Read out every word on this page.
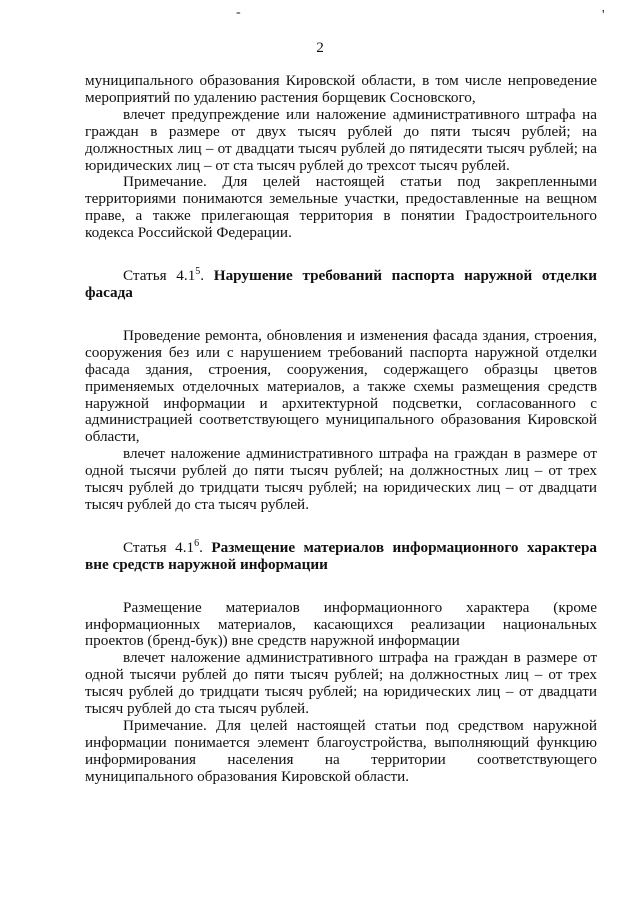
-	'
2

муниципального образования Кировской области, в том числе непроведение мероприятий по удалению растения борщевик Сосновского,

влечет предупреждение или наложение административного штрафа на граждан в размере от двух тысяч рублей до пяти тысяч рублей; на должностных лиц – от двадцати тысяч рублей до пятидесяти тысяч рублей; на юридических лиц – от ста тысяч рублей до трехсот тысяч рублей.

Примечание. Для целей настоящей статьи под закрепленными территориями понимаются земельные участки, предоставленные на вещном праве, а также прилегающая территория в понятии Градостроительного кодекса Российской Федерации.

Статья $4.1^5$. Нарушение требований паспорта наружной отделки фасада

Проведение ремонта, обновления и изменения фасада здания, строения, сооружения без или с нарушением требований паспорта наружной отделки фасада здания, строения, сооружения, содержащего образцы цветов применяемых отделочных материалов, а также схемы размещения средств наружной информации и архитектурной подсветки, согласованного с администрацией соответствующего муниципального образования Кировской области,

влечет наложение административного штрафа на граждан в размере от одной тысячи рублей до пяти тысяч рублей; на должностных лиц – от трех тысяч рублей до тридцати тысяч рублей; на юридических лиц – от двадцати тысяч рублей до ста тысяч рублей.

Статья $4.1^6$. Размещение материалов информационного характера вне средств наружной информации

Размещение материалов информационного характера (кроме информационных материалов, касающихся реализации национальных проектов (бренд-бук)) вне средств наружной информации

влечет наложение административного штрафа на граждан в размере от одной тысячи рублей до пяти тысяч рублей; на должностных лиц – от трех тысяч рублей до тридцати тысяч рублей; на юридических лиц – от двадцати тысяч рублей до ста тысяч рублей.

Примечание. Для целей настоящей статьи под средством наружной информации понимается элемент благоустройства, выполняющий функцию информирования населения на территории соответствующего муниципального образования Кировской области.
